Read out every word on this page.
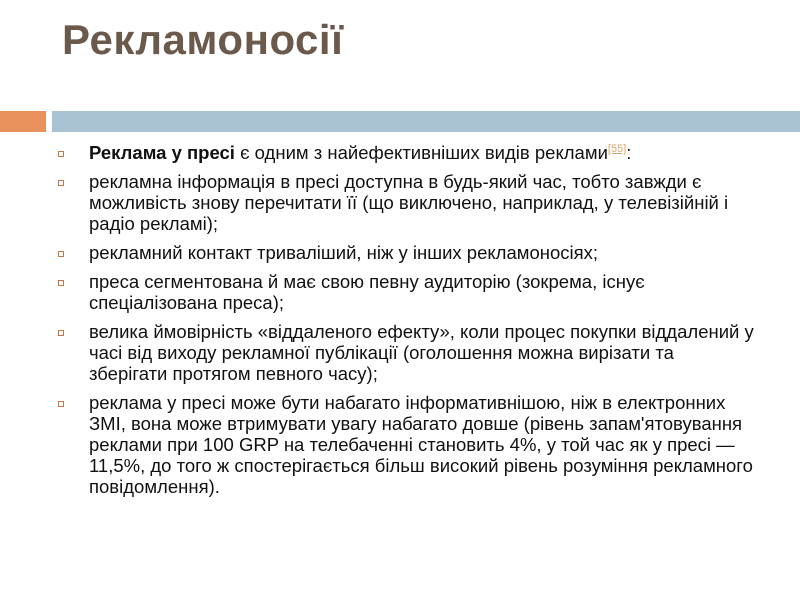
Рекламоносії
Реклама у пресі є одним з найефективніших видів реклами[55]:
рекламна інформація в пресі доступна в будь-який час, тобто завжди є можливість знову перечитати її (що виключено, наприклад, у телевізійній і радіо рекламі);
рекламний контакт триваліший, ніж у інших рекламоносіях;
преса сегментована й має свою певну аудиторію (зокрема, існує спеціалізована преса);
велика ймовірність «віддаленого ефекту», коли процес покупки віддалений у часі від виходу рекламної публікації (оголошення можна вирізати та зберігати протягом певного часу);
реклама у пресі може бути набагато інформативнішою, ніж в електронних ЗМІ, вона може втримувати увагу набагато довше (рівень запам'ятовування реклами при 100 GRP на телебаченні становить 4%, у той час як у пресі — 11,5%, до того ж спостерігається більш високий рівень розуміння рекламного повідомлення).
